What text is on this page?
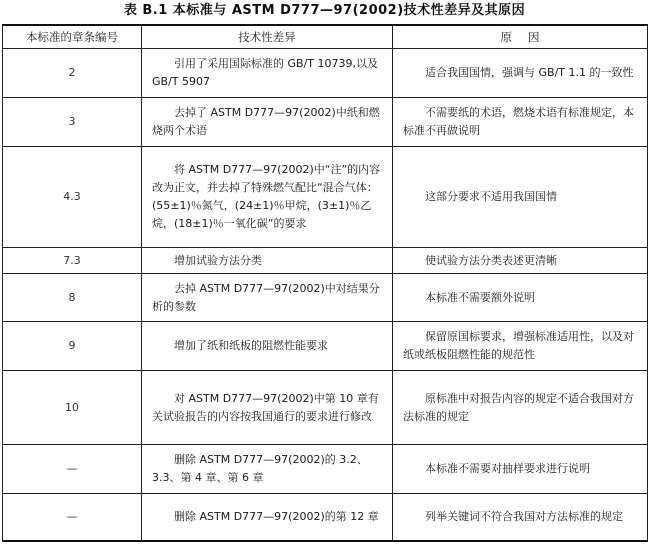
表 B.1 本标准与 ASTM D777—97(2002)技术性差异及其原因
本标准的章条编号	技术性差异	原因
2	引用了采用国际标准的 GB/T 10739,以及 GB/T 5907	适合我国国情，强调与 GB/T 1.1 的一致性

3	去掉了 ASTM D777—97(2002)中纸和燃烧两个术语	不需要纸的术语，燃烧术语有标准规定，本标准不再做说明

4.3	将 ASTM D777—97(2002)中“注”的内容改为正文，并去掉了特殊燃气配比“混合气体：(55±1)％氮气，(24±1)％甲烷，(3±1)％乙烷，(18±1)％一氧化碳”的要求	这部分要求不适用我国国情

7.3	增加试验方法分类	使试验方法分类表述更清晰

8	去掉 ASTM D777—97(2002)中对结果分析的参数	本标准不需要额外说明

9	增加了纸和纸板的阻燃性能要求	保留原国标要求，增强标准适用性，以及对纸或纸板阻燃性能的规范性

10	对 ASTM D777—97(2002)中第 10 章有关试验报告的内容按我国通行的要求进行修改	原标准中对报告内容的规定不适合我国对方法标准的规定

—	删除 ASTM D777—97(2002)的 3.2、3.3、第 4 章、第 6 章	本标准不需要对抽样要求进行说明

—	删除 ASTM D777—97(2002)的第 12 章	列举关键词不符合我国对方法标准的规定
